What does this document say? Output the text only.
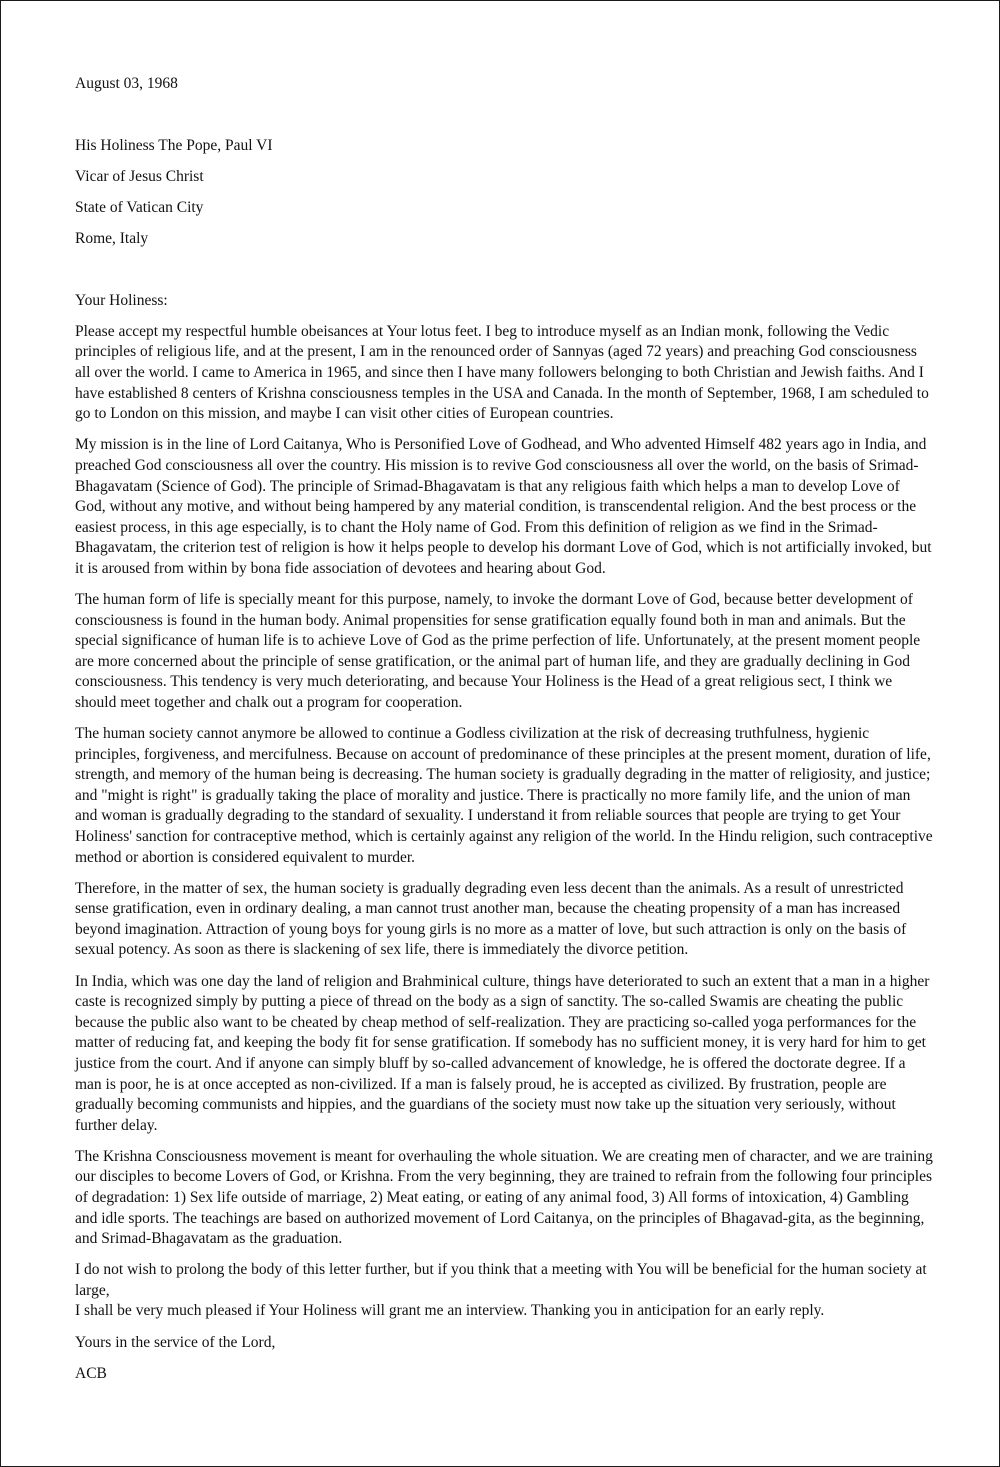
August 03, 1968

His Holiness The Pope, Paul VI
Vicar of Jesus Christ
State of Vatican City
Rome, Italy

Your Holiness:

Please accept my respectful humble obeisances at Your lotus feet. I beg to introduce myself as an Indian monk, following the Vedic principles of religious life, and at the present, I am in the renounced order of Sannyas (aged 72 years) and preaching God consciousness all over the world. I came to America in 1965, and since then I have many followers belonging to both Christian and Jewish faiths. And I have established 8 centers of Krishna consciousness temples in the USA and Canada. In the month of September, 1968, I am scheduled to go to London on this mission, and maybe I can visit other cities of European countries.

My mission is in the line of Lord Caitanya, Who is Personified Love of Godhead, and Who advented Himself 482 years ago in India, and preached God consciousness all over the country. His mission is to revive God consciousness all over the world, on the basis of Srimad-Bhagavatam (Science of God). The principle of Srimad-Bhagavatam is that any religious faith which helps a man to develop Love of God, without any motive, and without being hampered by any material condition, is transcendental religion. And the best process or the easiest process, in this age especially, is to chant the Holy name of God. From this definition of religion as we find in the Srimad-Bhagavatam, the criterion test of religion is how it helps people to develop his dormant Love of God, which is not artificially invoked, but it is aroused from within by bona fide association of devotees and hearing about God.

The human form of life is specially meant for this purpose, namely, to invoke the dormant Love of God, because better development of consciousness is found in the human body. Animal propensities for sense gratification equally found both in man and animals. But the special significance of human life is to achieve Love of God as the prime perfection of life. Unfortunately, at the present moment people are more concerned about the principle of sense gratification, or the animal part of human life, and they are gradually declining in God consciousness. This tendency is very much deteriorating, and because Your Holiness is the Head of a great religious sect, I think we should meet together and chalk out a program for cooperation.

The human society cannot anymore be allowed to continue a Godless civilization at the risk of decreasing truthfulness, hygienic principles, forgiveness, and mercifulness. Because on account of predominance of these principles at the present moment, duration of life, strength, and memory of the human being is decreasing. The human society is gradually degrading in the matter of religiosity, and justice; and "might is right" is gradually taking the place of morality and justice. There is practically no more family life, and the union of man and woman is gradually degrading to the standard of sexuality. I understand it from reliable sources that people are trying to get Your Holiness' sanction for contraceptive method, which is certainly against any religion of the world. In the Hindu religion, such contraceptive method or abortion is considered equivalent to murder.

Therefore, in the matter of sex, the human society is gradually degrading even less decent than the animals. As a result of unrestricted sense gratification, even in ordinary dealing, a man cannot trust another man, because the cheating propensity of a man has increased beyond imagination. Attraction of young boys for young girls is no more as a matter of love, but such attraction is only on the basis of sexual potency. As soon as there is slackening of sex life, there is immediately the divorce petition.

In India, which was one day the land of religion and Brahminical culture, things have deteriorated to such an extent that a man in a higher caste is recognized simply by putting a piece of thread on the body as a sign of sanctity. The so-called Swamis are cheating the public because the public also want to be cheated by cheap method of self-realization. They are practicing so-called yoga performances for the matter of reducing fat, and keeping the body fit for sense gratification. If somebody has no sufficient money, it is very hard for him to get justice from the court. And if anyone can simply bluff by so-called advancement of knowledge, he is offered the doctorate degree. If a man is poor, he is at once accepted as non-civilized. If a man is falsely proud, he is accepted as civilized. By frustration, people are gradually becoming communists and hippies, and the guardians of the society must now take up the situation very seriously, without further delay.

The Krishna Consciousness movement is meant for overhauling the whole situation. We are creating men of character, and we are training our disciples to become Lovers of God, or Krishna. From the very beginning, they are trained to refrain from the following four principles of degradation: 1) Sex life outside of marriage, 2) Meat eating, or eating of any animal food, 3) All forms of intoxication, 4) Gambling and idle sports. The teachings are based on authorized movement of Lord Caitanya, on the principles of Bhagavad-gita, as the beginning, and Srimad-Bhagavatam as the graduation.

I do not wish to prolong the body of this letter further, but if you think that a meeting with You will be beneficial for the human society at large,
I shall be very much pleased if Your Holiness will grant me an interview. Thanking you in anticipation for an early reply.

Yours in the service of the Lord,

ACB
